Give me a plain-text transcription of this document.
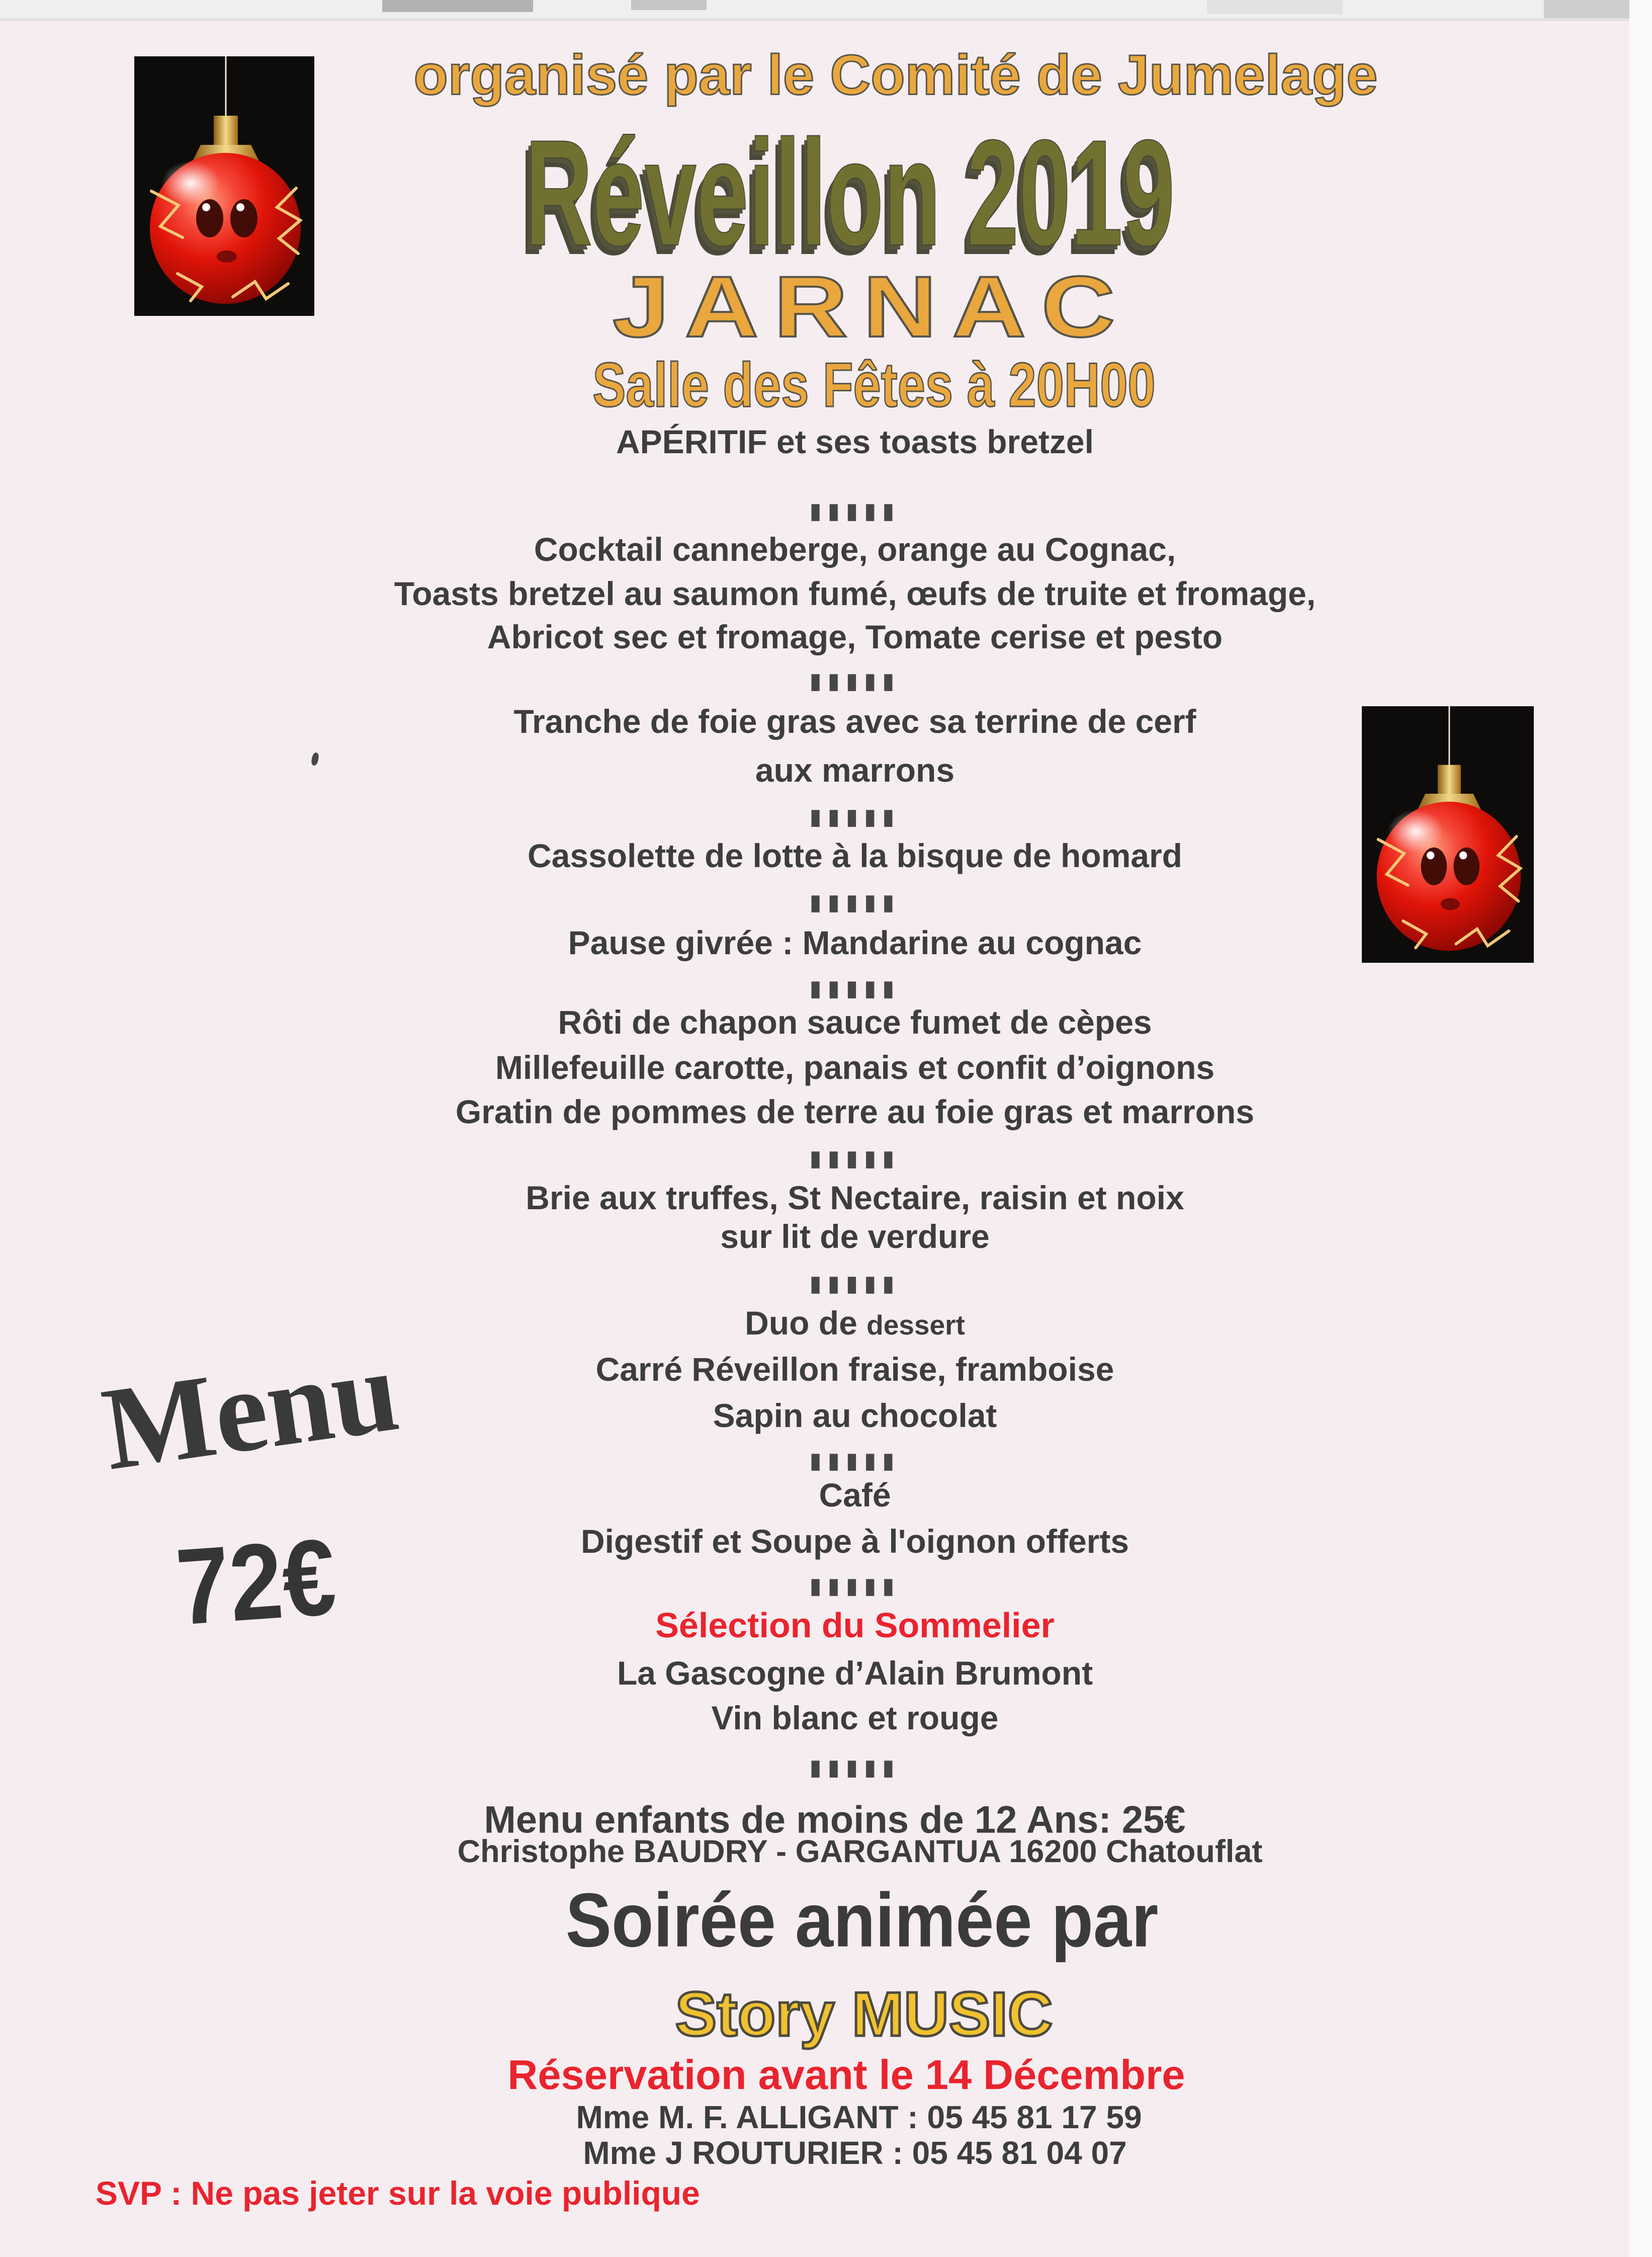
organisé par le Comité de Jumelage
Réveillon 2019
JARNAC
Salle des Fêtes à 20H00
Menu
72€
APÉRITIF et ses toasts bretzel
▮▮▮▮▮
Cocktail canneberge, orange au Cognac,
Toasts bretzel au saumon fumé, œufs de truite et fromage,
Abricot sec et fromage, Tomate cerise et pesto
▮▮▮▮▮
Tranche de foie gras avec sa terrine de cerf
aux marrons
▮▮▮▮▮
Cassolette de lotte à la bisque de homard
▮▮▮▮▮
Pause givrée : Mandarine au cognac
▮▮▮▮▮
Rôti de chapon sauce fumet de cèpes
Millefeuille carotte, panais et confit d’oignons
Gratin de pommes de terre au foie gras et marrons
▮▮▮▮▮
Brie aux truffes, St Nectaire, raisin et noix
sur lit de verdure
▮▮▮▮▮
Duo de dessert
Carré Réveillon fraise, framboise
Sapin au chocolat
▮▮▮▮▮
Café
Digestif et Soupe à l'oignon offerts
▮▮▮▮▮
Sélection du Sommelier
La Gascogne d’Alain Brumont
Vin blanc et rouge
▮▮▮▮▮
Menu enfants de moins de 12 Ans: 25€
Christophe BAUDRY - GARGANTUA 16200 Chatouflat
Soirée animée par
Story MUSIC
Réservation avant le 14 Décembre
Mme M. F. ALLIGANT : 05 45 81 17 59
Mme J ROUTURIER : 05 45 81 04 07
SVP : Ne pas jeter sur la voie publique
